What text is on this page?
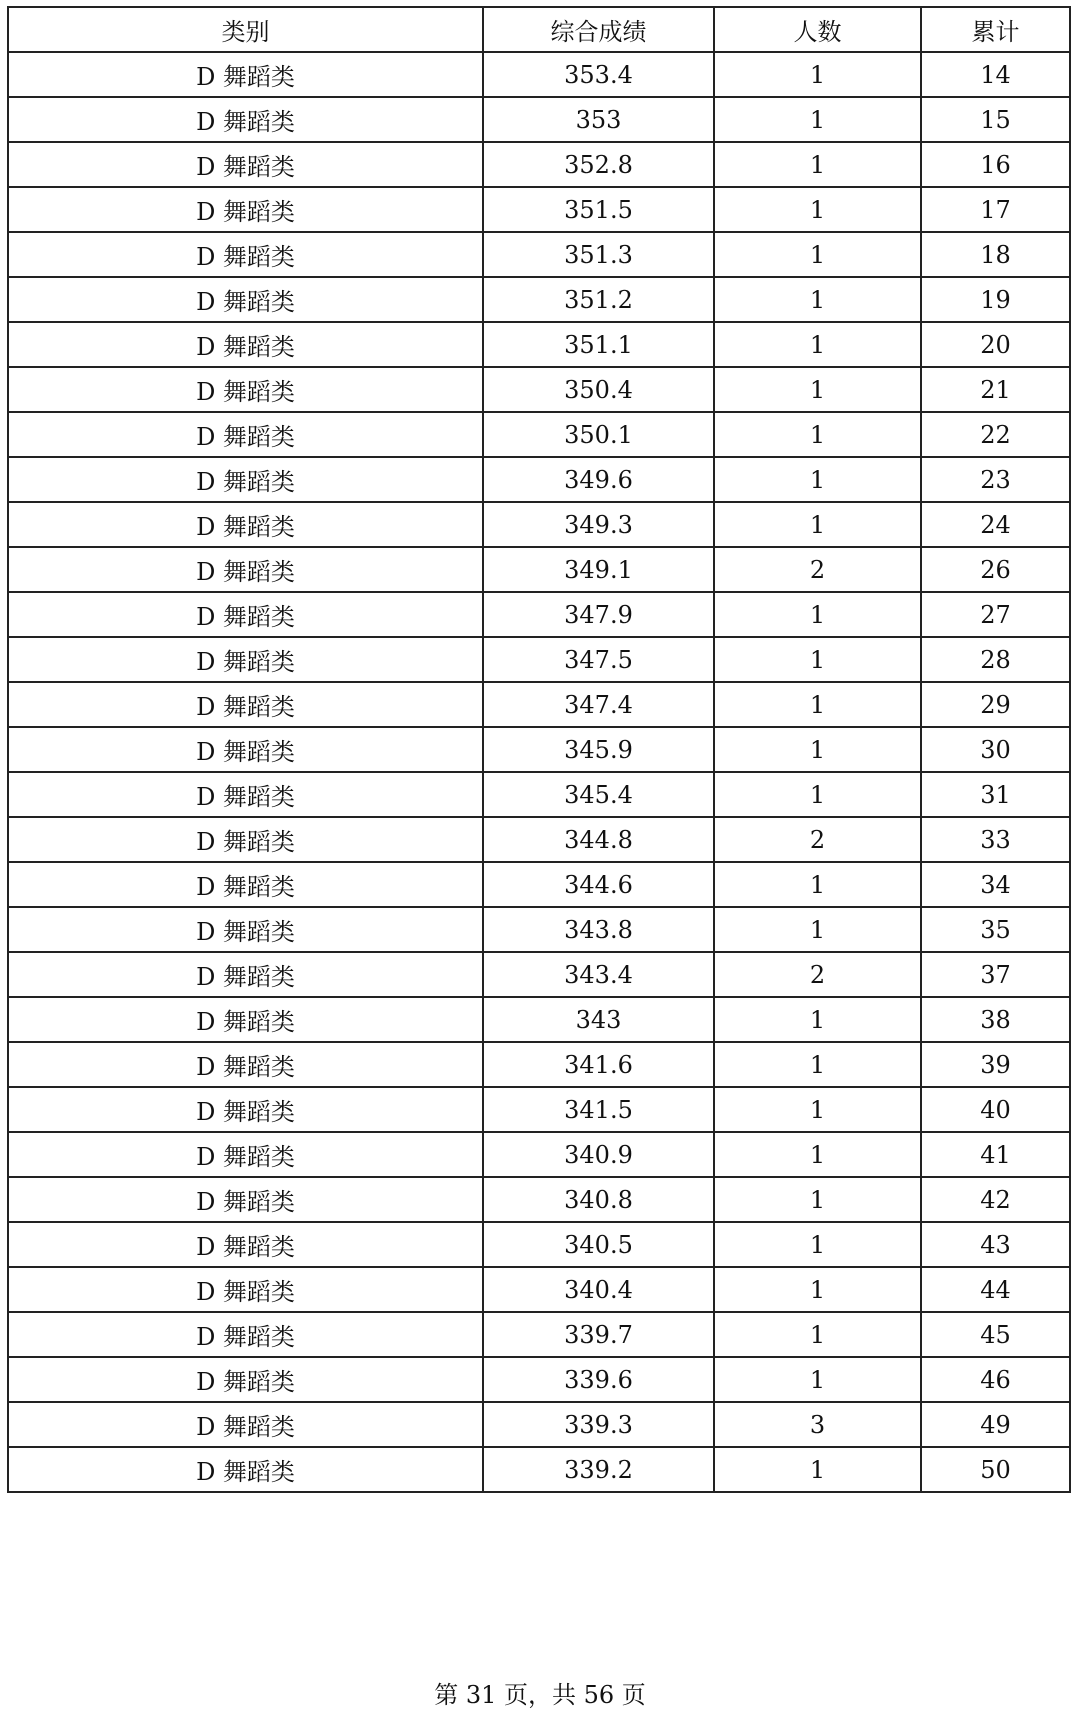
类别	综合成绩	人数	累计
D 舞蹈类	353.4	1	14
D 舞蹈类	353	1	15
D 舞蹈类	352.8	1	16
D 舞蹈类	351.5	1	17
D 舞蹈类	351.3	1	18
D 舞蹈类	351.2	1	19
D 舞蹈类	351.1	1	20
D 舞蹈类	350.4	1	21
D 舞蹈类	350.1	1	22
D 舞蹈类	349.6	1	23
D 舞蹈类	349.3	1	24
D 舞蹈类	349.1	2	26
D 舞蹈类	347.9	1	27
D 舞蹈类	347.5	1	28
D 舞蹈类	347.4	1	29
D 舞蹈类	345.9	1	30
D 舞蹈类	345.4	1	31
D 舞蹈类	344.8	2	33
D 舞蹈类	344.6	1	34
D 舞蹈类	343.8	1	35
D 舞蹈类	343.4	2	37
D 舞蹈类	343	1	38
D 舞蹈类	341.6	1	39
D 舞蹈类	341.5	1	40
D 舞蹈类	340.9	1	41
D 舞蹈类	340.8	1	42
D 舞蹈类	340.5	1	43
D 舞蹈类	340.4	1	44
D 舞蹈类	339.7	1	45
D 舞蹈类	339.6	1	46
D 舞蹈类	339.3	3	49
D 舞蹈类	339.2	1	50
第 31 页，共 56 页
